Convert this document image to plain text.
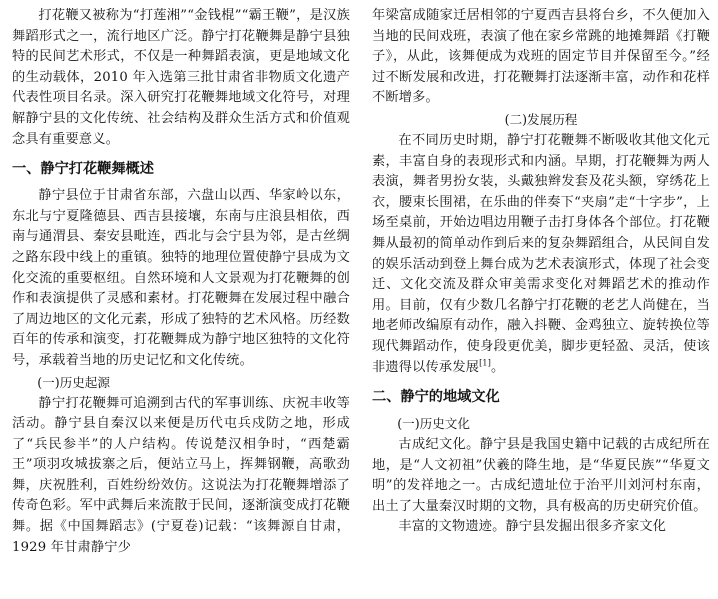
打花鞭又被称为“打莲湘”“金钱棍”“霸王鞭”，是汉族舞蹈形式之一，流行地区广泛。静宁打花鞭舞是静宁县独特的民间艺术形式，不仅是一种舞蹈表演，更是地域文化的生动载体，2010 年入选第三批甘肃省非物质文化遗产代表性项目名录。深入研究打花鞭舞地域文化符号，对理解静宁县的文化传统、社会结构及群众生活方式和价值观念具有重要意义。

一、静宁打花鞭舞概述

静宁县位于甘肃省东部，六盘山以西、华家岭以东，东北与宁夏隆德县、西吉县接壤，东南与庄浪县相依，西南与通渭县、秦安县毗连，西北与会宁县为邻，是古丝绸之路东段中线上的重镇。独特的地理位置使静宁县成为文化交流的重要枢纽。自然环境和人文景观为打花鞭舞的创作和表演提供了灵感和素材。打花鞭舞在发展过程中融合了周边地区的文化元素，形成了独特的艺术风格。历经数百年的传承和演变，打花鞭舞成为静宁地区独特的文化符号，承载着当地的历史记忆和文化传统。

(一)历史起源

静宁打花鞭舞可追溯到古代的军事训练、庆祝丰收等活动。静宁县自秦汉以来便是历代屯兵戍防之地，形成了“兵民参半”的人户结构。传说楚汉相争时，“西楚霸王”项羽攻城拔寨之后，便站立马上，挥舞钢鞭，高歌劲舞，庆祝胜利，百姓纷纷效仿。这说法为打花鞭舞增添了传奇色彩。军中武舞后来流散于民间，逐渐演变成打花鞭舞。据《中国舞蹈志》(宁夏卷)记载：“该舞源自甘肃，1929 年甘肃静宁少

年梁富成随家迁居相邻的宁夏西吉县将台乡，不久便加入当地的民间戏班，表演了他在家乡常跳的地摊舞蹈《打鞭子》，从此，该舞便成为戏班的固定节目并保留至今。”经过不断发展和改进，打花鞭舞打法逐渐丰富，动作和花样不断增多。

(二)发展历程

在不同历史时期，静宁打花鞭舞不断吸收其他文化元素，丰富自身的表现形式和内涵。早期，打花鞭舞为两人表演，舞者男扮女装，头戴独辫发套及花头额，穿绣花上衣，腰束长围裙，在乐曲的伴奏下“夹扇”走“十字步”，上场至桌前，开始边唱边用鞭子击打身体各个部位。打花鞭舞从最初的简单动作到后来的复杂舞蹈组合，从民间自发的娱乐活动到登上舞台成为艺术表演形式，体现了社会变迁、文化交流及群众审美需求变化对舞蹈艺术的推动作用。目前，仅有少数几名静宁打花鞭的老艺人尚健在，当地老师改编原有动作，融入抖鞭、金鸡独立、旋转换位等现代舞蹈动作，使身段更优美，脚步更轻盈、灵活，使该非遗得以传承发展[1]。

二、静宁的地域文化
(一)历史文化

古成纪文化。静宁县是我国史籍中记载的古成纪所在地，是“人文初祖”伏羲的降生地，是“华夏民族”“华夏文明”的发祥地之一。古成纪遗址位于治平川刘河村东南，出土了大量秦汉时期的文物，具有极高的历史研究价值。

丰富的文物遗迹。静宁县发掘出很多齐家文化
